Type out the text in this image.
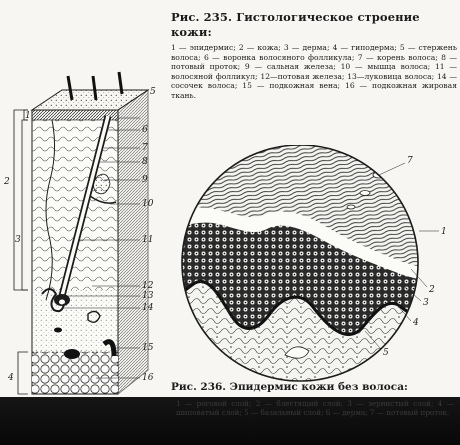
Рис. 235. Гистологическое строение кожи:
1 — эпидермис; 2 — кожа; 3 — дерма; 4 — гиподерма; 5 — стержень волоса; 6 — воронка волосяного фолликула; 7 — корень волоса; 8 — потовый проток; 9 — сальная железа; 10 — мышца волоса; 11 — волосяной фолликул; 12—потовая железа; 13—луковица волоса; 14 — сосочек волоса; 15 — подкожная вена; 16 — подкожная жировая ткань.
1
2
3
4
5
6
7
8
9
10
11
12
13
14
15
16
7
1
2
3
4
5
Рис. 236. Эпидермис кожи без волоса:
1 — роговой слой; 2 — блестящий слой; 3 — зернистый слой; 4 — шиповатый слой; 5 — базальный слой; 6 — дерма; 7 — потовый проток.
